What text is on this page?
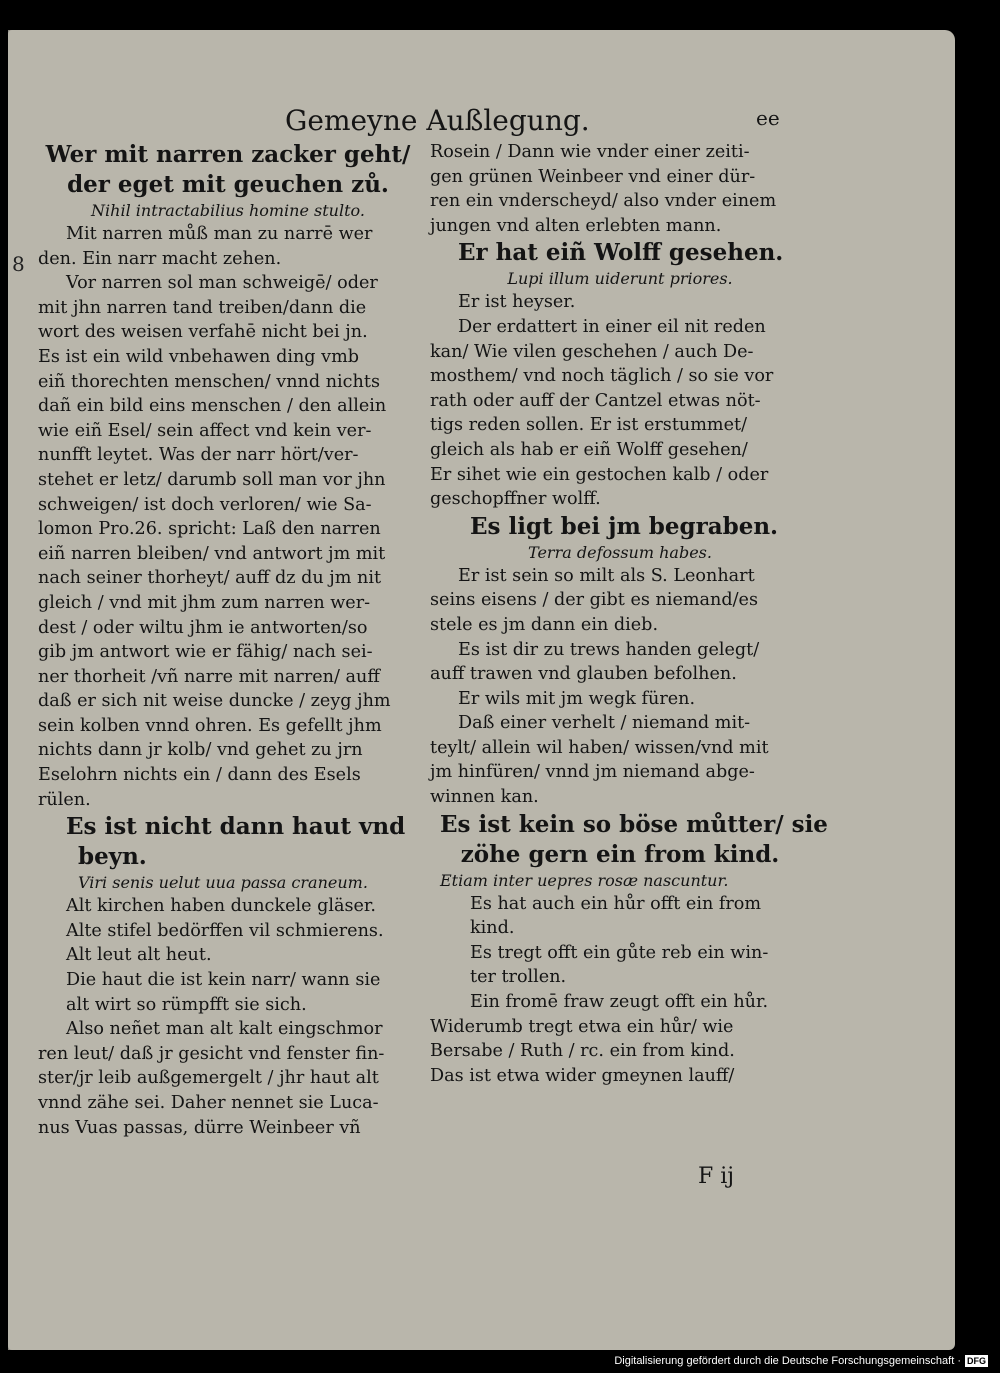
Gemeyne Außlegung.	ee
8
Wer mit narren zacker geht/
der eget mit geuchen zů.
Nihil intractabilius homine stulto.
Mit narren můß man zu narrē wer
den. Ein narr macht zehen.
Vor narren sol man schweigē/ oder
mit jhn narren tand treiben/dann die
wort des weisen verfahē nicht bei jn.
Es ist ein wild vnbehawen ding vmb
eiñ thorechten menschen/ vnnd nichts
dañ ein bild eins menschen / den allein
wie eiñ Esel/ sein affect vnd kein ver-
nunfft leytet. Was der narr hört/ver-
stehet er letz/ darumb soll man vor jhn
schweigen/ ist doch verloren/ wie Sa-
lomon Pro.26. spricht: Laß den narren
eiñ narren bleiben/ vnd antwort jm mit
nach seiner thorheyt/ auff dz du jm nit
gleich / vnd mit jhm zum narren wer-
dest / oder wiltu jhm ie antworten/so
gib jm antwort wie er fähig/ nach sei-
ner thorheit /vñ narre mit narren/ auff
daß er sich nit weise duncke / zeyg jhm
sein kolben vnnd ohren. Es gefellt jhm
nichts dann jr kolb/ vnd gehet zu jrn
Eselohrn nichts ein / dann des Esels
rülen.
Es ist nicht dann haut vnd
beyn.
Viri senis uelut uua passa craneum.
Alt kirchen haben dunckele gläser.
Alte stifel bedörffen vil schmierens.
Alt leut alt heut.
Die haut die ist kein narr/ wann sie
alt wirt so rümpfft sie sich.
Also neñet man alt kalt eingschmor
ren leut/ daß jr gesicht vnd fenster fin-
ster/jr leib außgemergelt / jhr haut alt
vnnd zähe sei. Daher nennet sie Luca-
nus Vuas passas, dürre Weinbeer vñ
Rosein / Dann wie vnder einer zeiti-
gen grünen Weinbeer vnd einer dür-
ren ein vnderscheyd/ also vnder einem
jungen vnd alten erlebten mann.
Er hat eiñ Wolff gesehen.
Lupi illum uiderunt priores.
Er ist heyser.
Der erdattert in einer eil nit reden
kan/ Wie vilen geschehen / auch De-
mosthem/ vnd noch täglich / so sie vor
rath oder auff der Cantzel etwas nöt-
tigs reden sollen. Er ist erstummet/
gleich als hab er eiñ Wolff gesehen/
Er sihet wie ein gestochen kalb / oder
geschopffner wolff.
Es ligt bei jm begraben.
Terra defossum habes.
Er ist sein so milt als S. Leonhart
seins eisens / der gibt es niemand/es
stele es jm dann ein dieb.
Es ist dir zu trews handen gelegt/
auff trawen vnd glauben befolhen.
Er wils mit jm wegk füren.
Daß einer verhelt / niemand mit-
teylt/ allein wil haben/ wissen/vnd mit
jm hinfüren/ vnnd jm niemand abge-
winnen kan.
Es ist kein so böse můtter/ sie
zöhe gern ein from kind.
Etiam inter uepres rosæ nascuntur.
Es hat auch ein hůr offt ein from
kind.
Es tregt offt ein gůte reb ein win-
ter trollen.
Ein fromē fraw zeugt offt ein hůr.
Widerumb tregt etwa ein hůr/ wie
Bersabe / Ruth / rc. ein from kind.
Das ist etwa wider gmeynen lauff/
F ij
Digitalisierung gefördert durch die Deutsche Forschungsgemeinschaft · DFG
